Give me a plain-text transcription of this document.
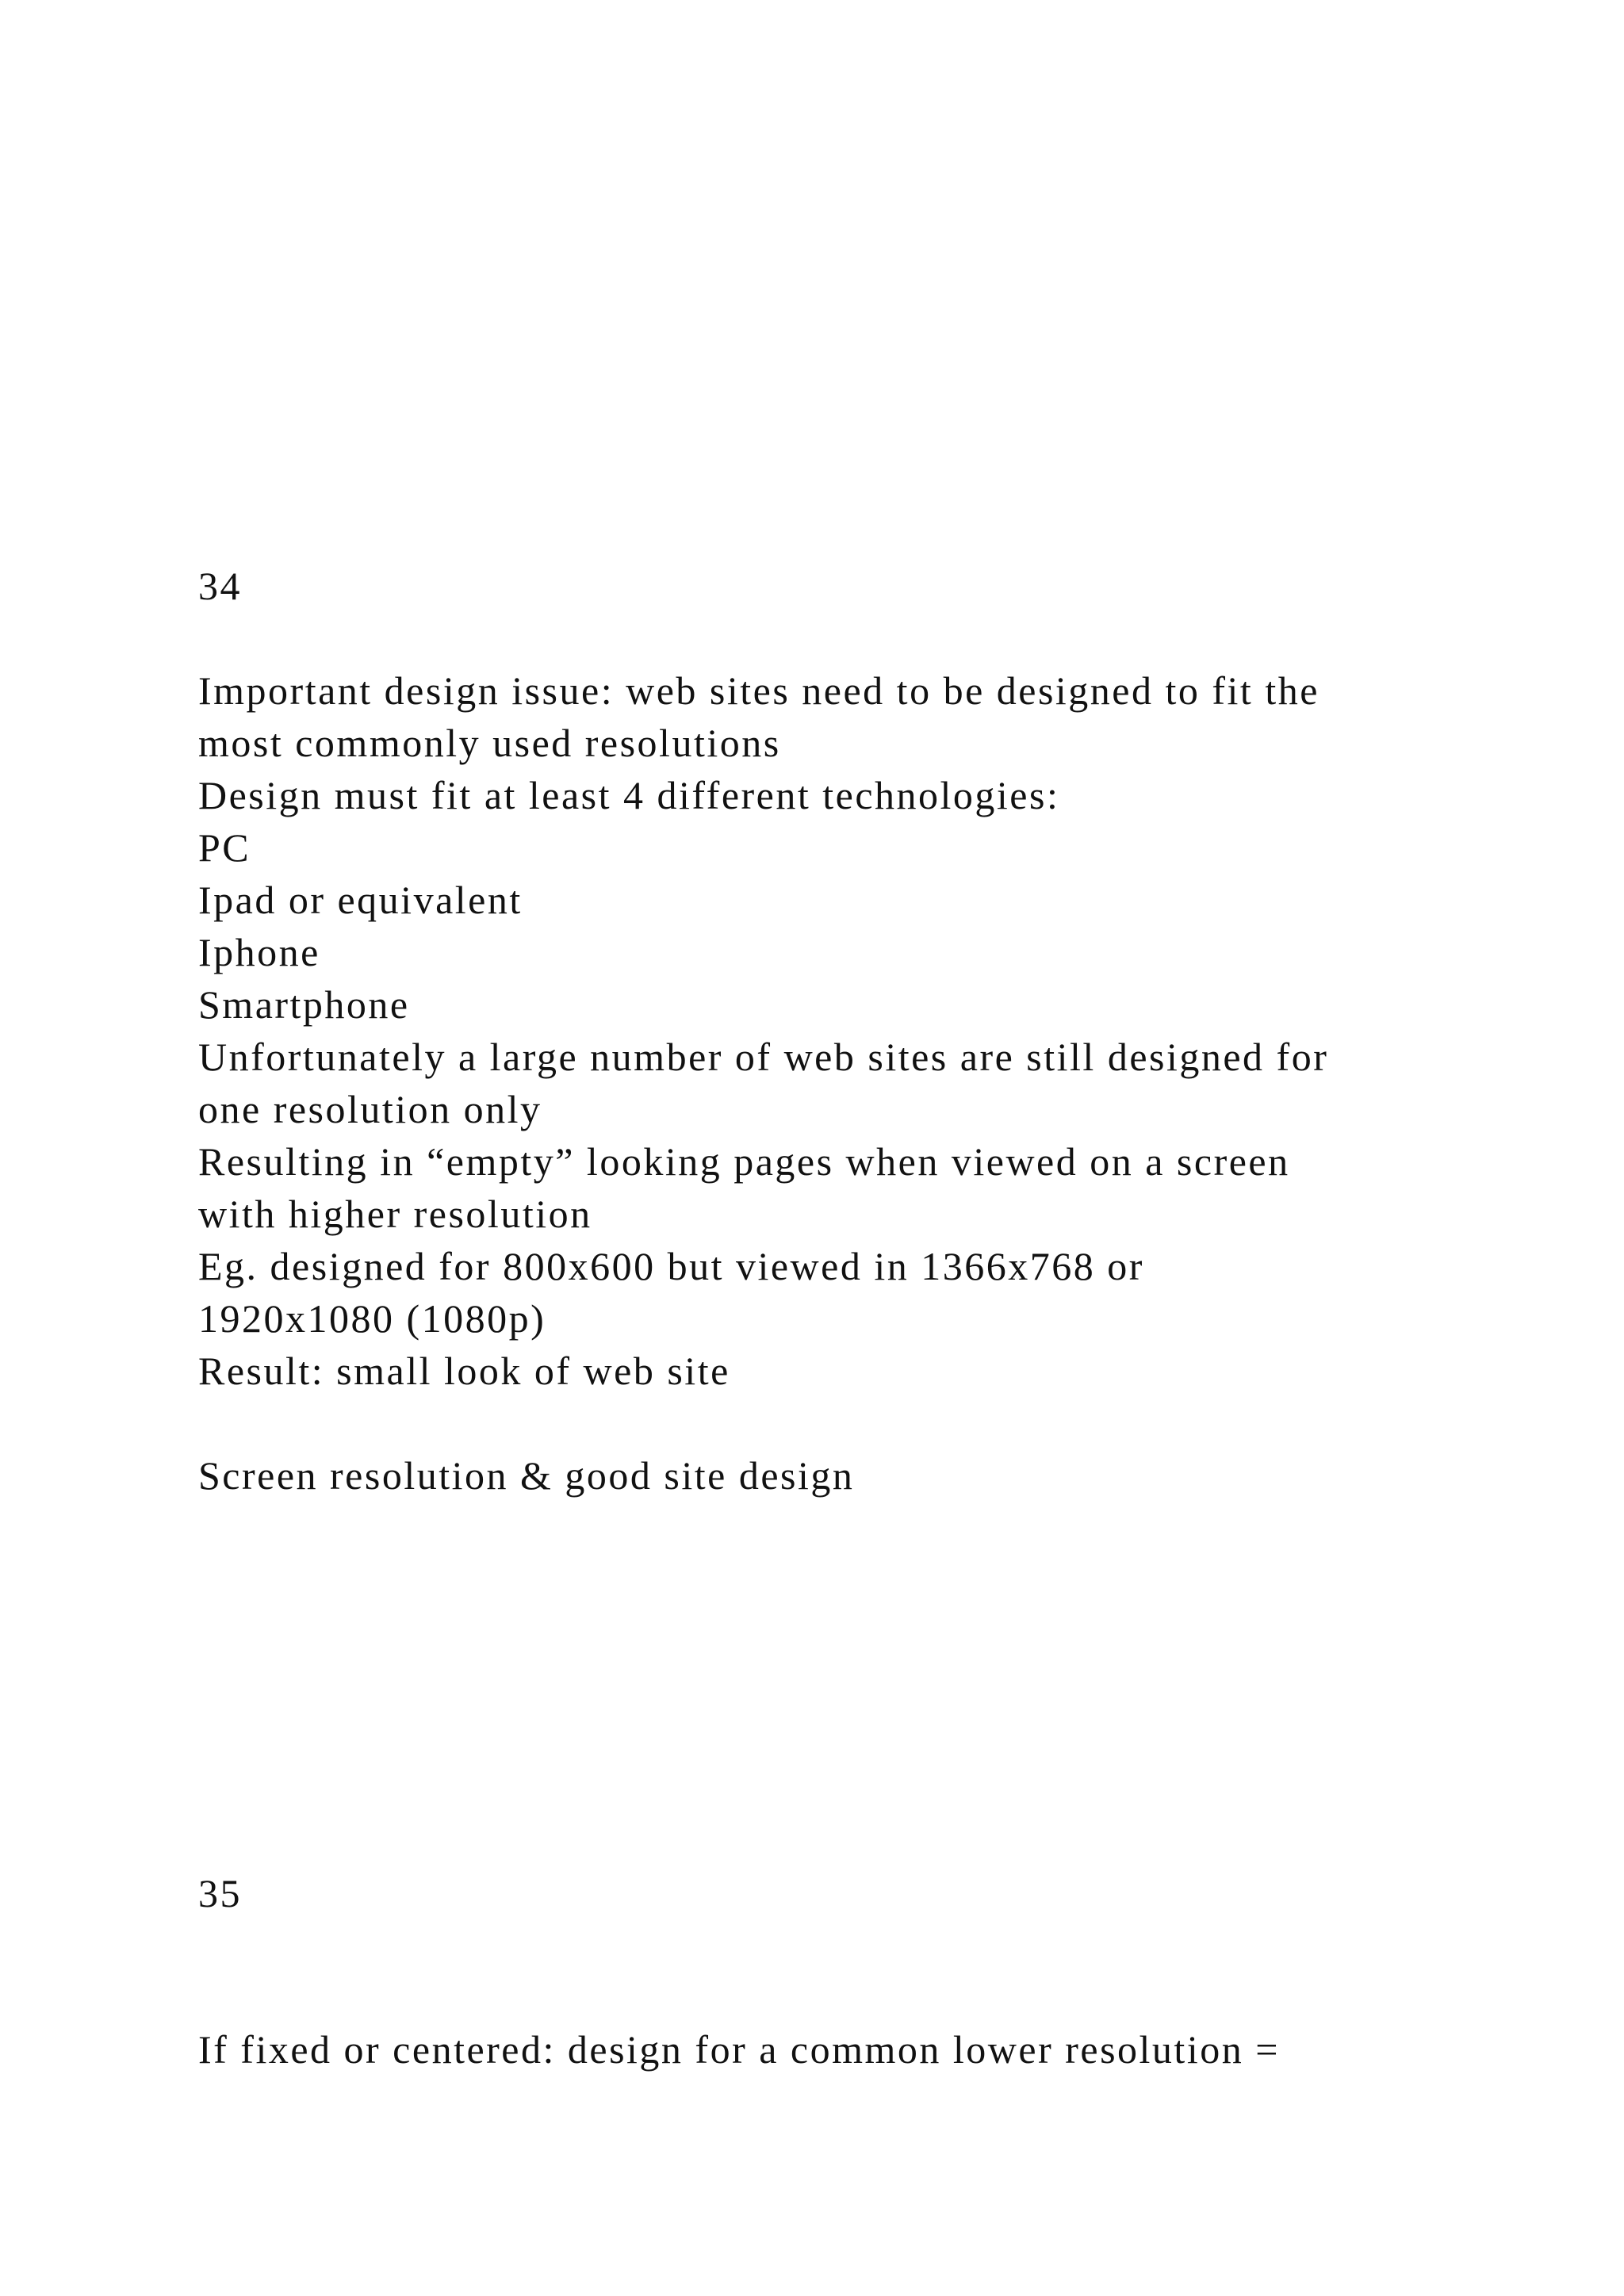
34

Important design issue: web sites need to be designed to fit the

most commonly used resolutions

Design must fit at least 4 different technologies:

PC

Ipad or equivalent

Iphone

Smartphone

Unfortunately a large number of web sites are still designed for

one resolution only

Resulting in “empty” looking pages when viewed on a screen

with higher resolution

Eg. designed for 800x600 but viewed in 1366x768 or

1920x1080 (1080p)

Result: small look of web site

Screen resolution & good site design

35

If fixed or centered: design for a common lower resolution =
